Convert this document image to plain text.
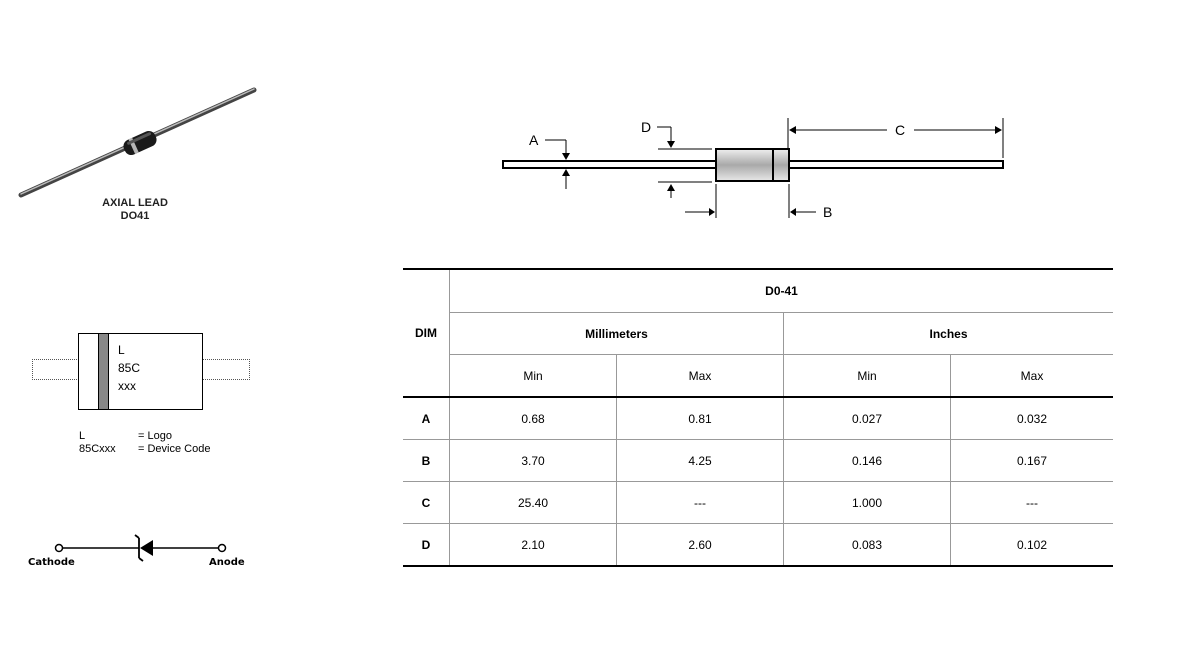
AXIAL LEAD
DO41
A
D
B
C
L
85C
xxx
L	= Logo
85Cxxx = Device Code
Cathode	Anode
DIM	D0-41			
	Millimeters		Inches	
	Min	Max	Min	Max
A	0.68	0.81	0.027	0.032
B	3.70	4.25	0.146	0.167
C	25.40	---	1.000	---
D	2.10	2.60	0.083	0.102
